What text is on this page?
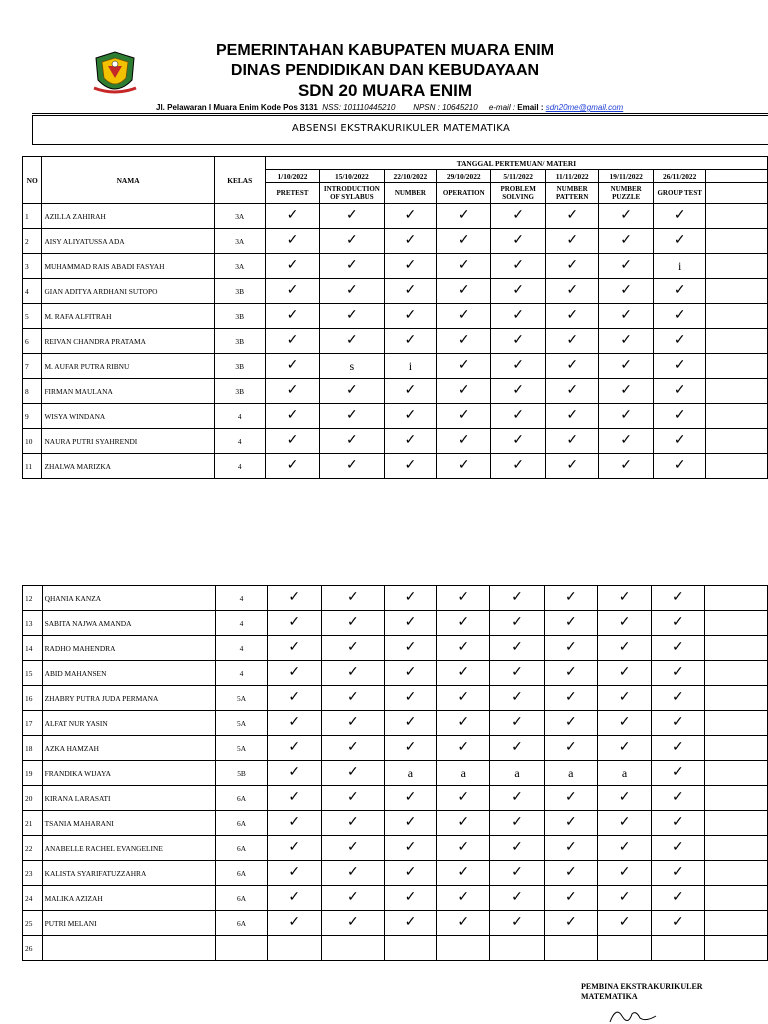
PEMERINTAHAN KABUPATEN MUARA ENIM
DINAS PENDIDIKAN DAN KEBUDAYAAN
SDN 20 MUARA ENIM
Jl. Pelawaran I Muara Enim Kode Pos 3131 NSS: 101110445210 NPSN : 10645210 e-mail : Email : sdn20me@gmail.com
ABSENSI EKSTRAKURIKULER MATEMATIKA
NO	NAMA	KELAS	TANGGAL PERTEMUAN/ MATERI								
			1/10/2022	15/10/2022	22/10/2022	29/10/2022	5/11/2022	11/11/2022	19/11/2022	26/11/2022	
			PRETEST	INTRODUCTION OF SYLABUS	NUMBER	OPERATION	PROBLEM SOLVING	NUMBER PATTERN	NUMBER PUZZLE	GROUP TEST	
1	AZILLA ZAHIRAH	3A	✓	✓	✓	✓	✓	✓	✓	✓	
2	AISY ALIYATUSSA ADA	3A	✓	✓	✓	✓	✓	✓	✓	✓	
3	MUHAMMAD RAIS ABADI FASYAH	3A	✓	✓	✓	✓	✓	✓	✓	i	
4	GIAN ADITYA ARDHANI SUTOPO	3B	✓	✓	✓	✓	✓	✓	✓	✓	
5	M. RAFA ALFITRAH	3B	✓	✓	✓	✓	✓	✓	✓	✓	
6	REIVAN CHANDRA PRATAMA	3B	✓	✓	✓	✓	✓	✓	✓	✓	
7	M. AUFAR PUTRA RIBNU	3B	✓	s	i	✓	✓	✓	✓	✓	
8	FIRMAN MAULANA	3B	✓	✓	✓	✓	✓	✓	✓	✓	
9	WISYA WINDANA	4	✓	✓	✓	✓	✓	✓	✓	✓	
10	NAURA PUTRI SYAHRENDI	4	✓	✓	✓	✓	✓	✓	✓	✓	
11	ZHALWA MARIZKA	4	✓	✓	✓	✓	✓	✓	✓	✓	
12	QHANIA KANZA	4	✓	✓	✓	✓	✓	✓	✓	✓	
13	SABITA NAJWA AMANDA	4	✓	✓	✓	✓	✓	✓	✓	✓	
14	RADHO MAHENDRA	4	✓	✓	✓	✓	✓	✓	✓	✓	
15	ABID MAHANSEN	4	✓	✓	✓	✓	✓	✓	✓	✓	
16	ZHABRY PUTRA JUDA PERMANA	5A	✓	✓	✓	✓	✓	✓	✓	✓	
17	ALFAT NUR YASIN	5A	✓	✓	✓	✓	✓	✓	✓	✓	
18	AZKA HAMZAH	5A	✓	✓	✓	✓	✓	✓	✓	✓	
19	FRANDIKA WIJAYA	5B	✓	✓	a	a	a	a	a	✓	
20	KIRANA LARASATI	6A	✓	✓	✓	✓	✓	✓	✓	✓	
21	TSANIA MAHARANI	6A	✓	✓	✓	✓	✓	✓	✓	✓	
22	ANABELLE RACHEL EVANGELINE	6A	✓	✓	✓	✓	✓	✓	✓	✓	
23	KALISTA SYARIFATUZZAHRA	6A	✓	✓	✓	✓	✓	✓	✓	✓	
24	MALIKA AZIZAH	6A	✓	✓	✓	✓	✓	✓	✓	✓	
25	PUTRI MELANI	6A	✓	✓	✓	✓	✓	✓	✓	✓	
26											
PEMBINA EKSTRAKURIKULER
MATEMATIKA
